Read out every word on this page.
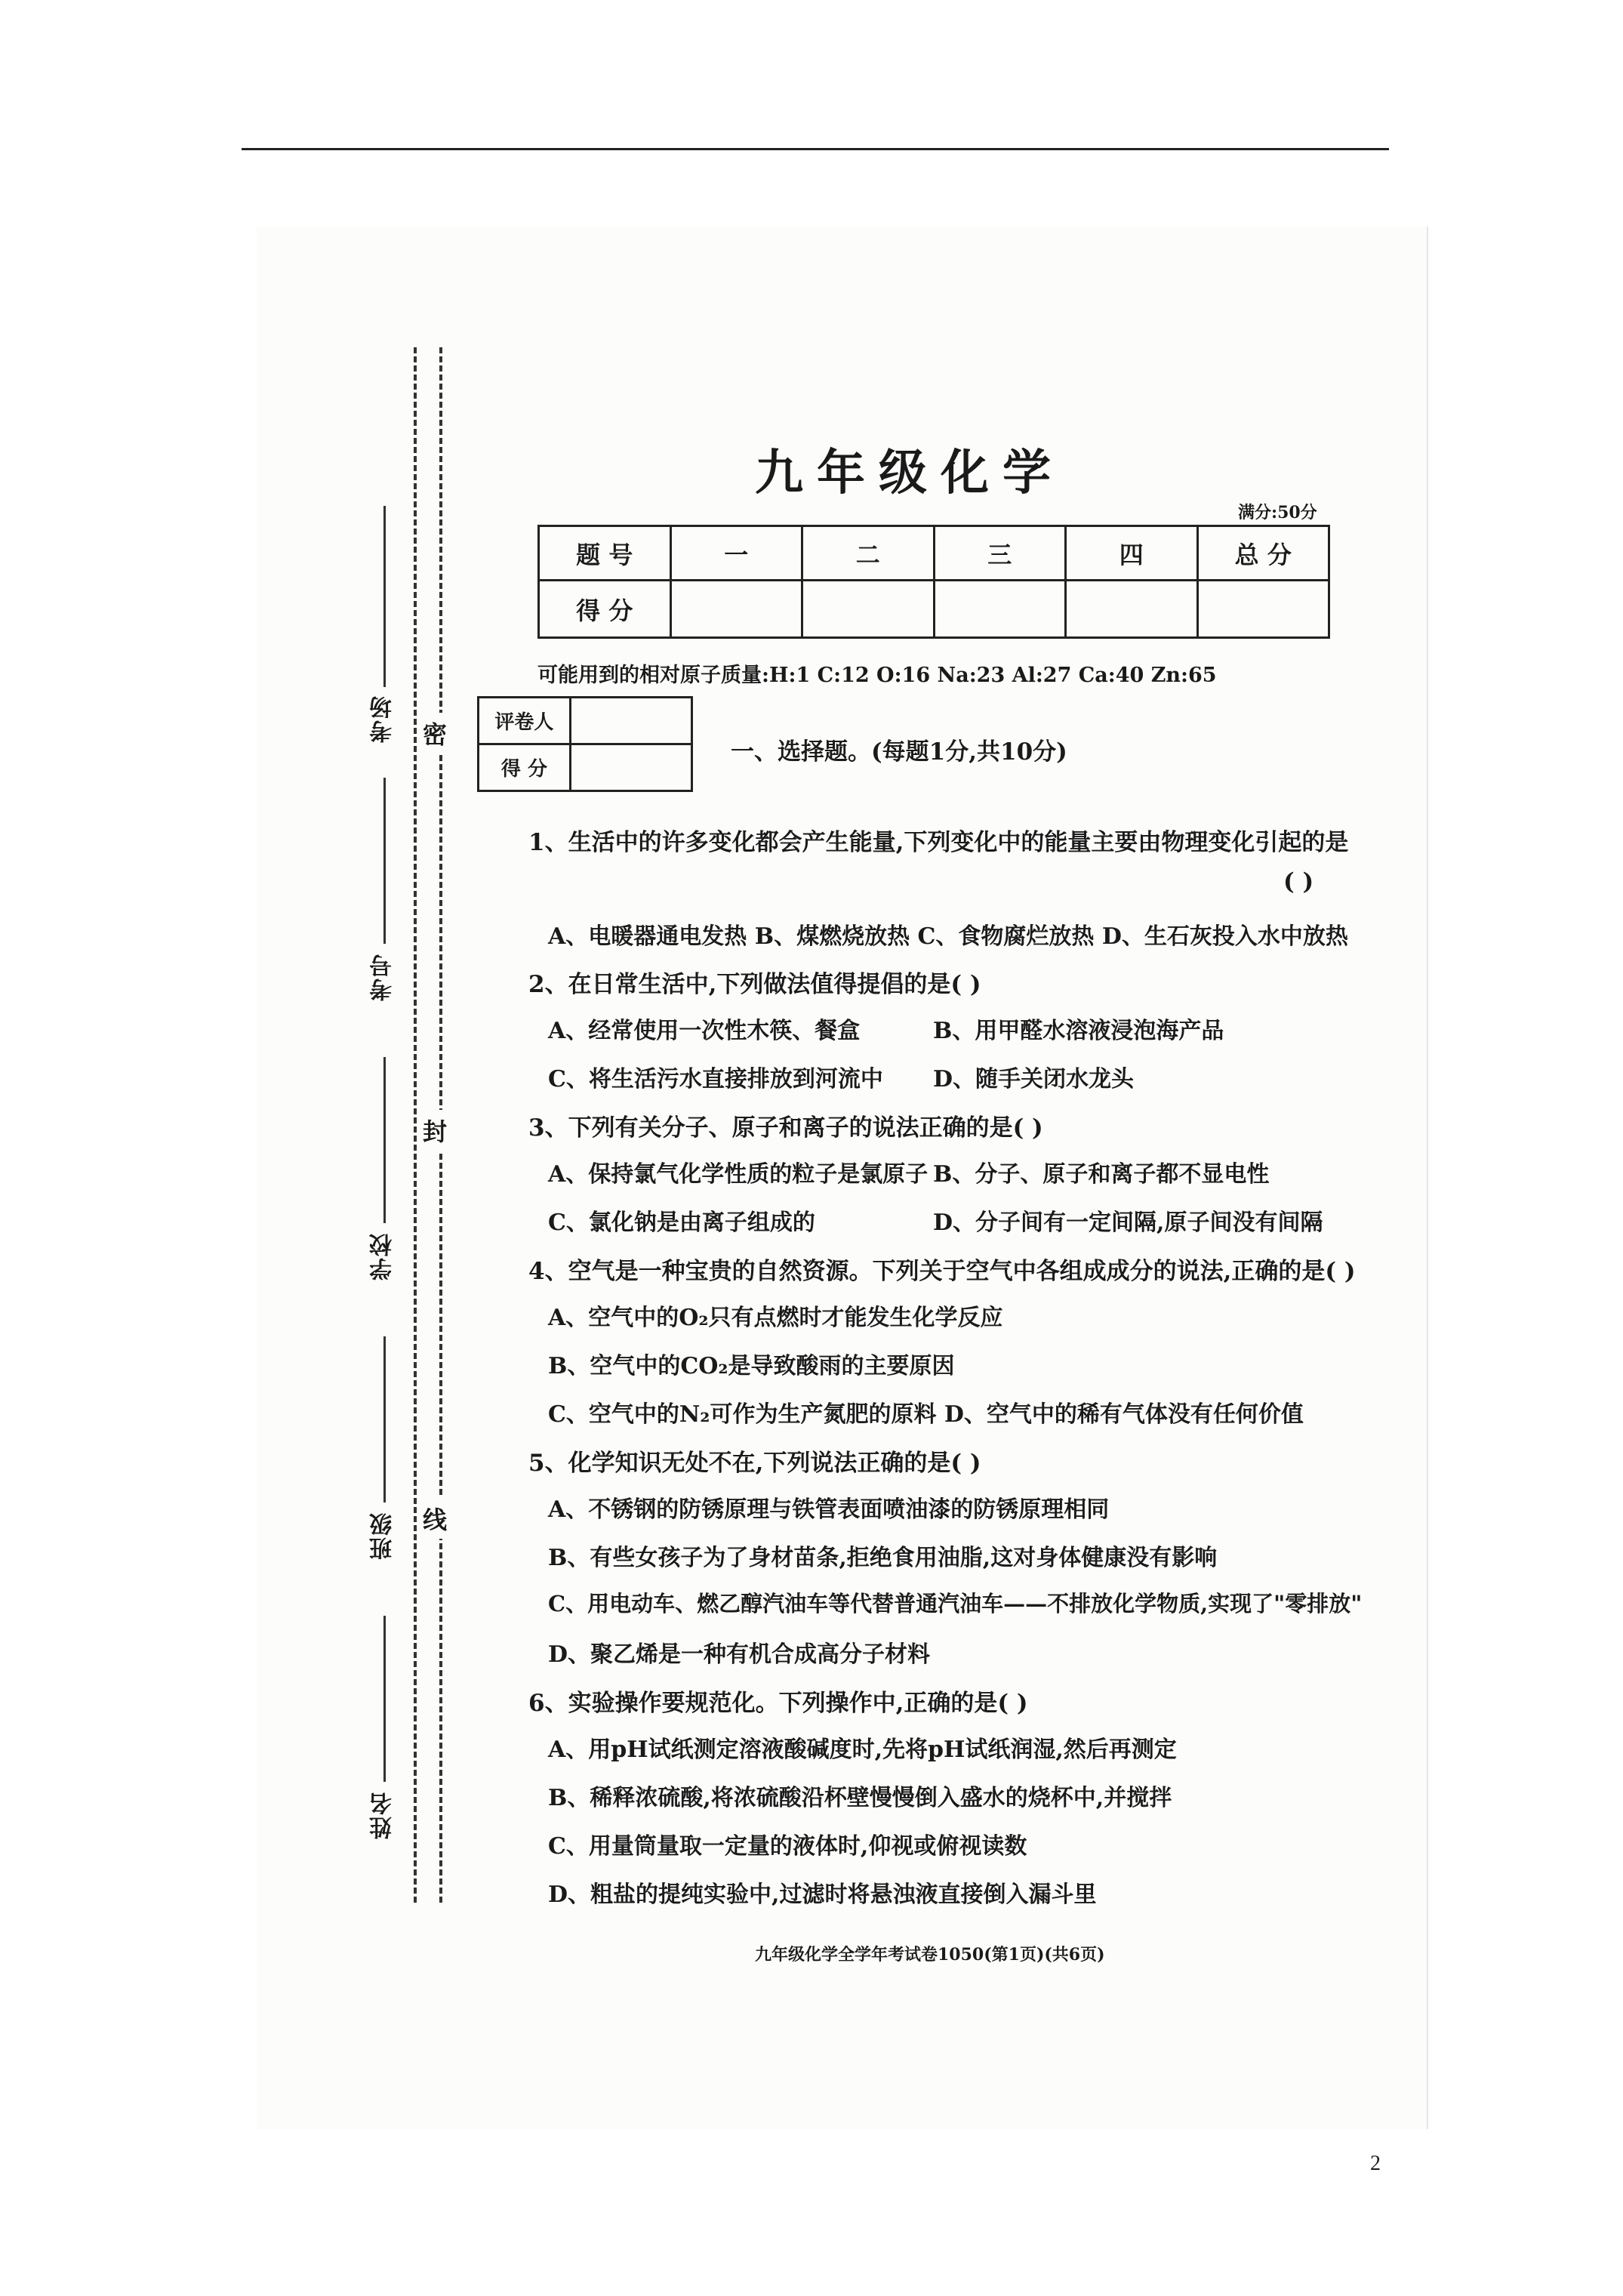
密
封
线
考场
考号
学校
班级
姓名
九年级化学
满分:50分
题 号	一	二	三	四	总 分
得 分					
可能用到的相对原子质量:H:1 C:12 O:16 Na:23 Al:27 Ca:40 Zn:65
评卷人	
得 分	
一、选择题。(每题1分,共10分)
1、生活中的许多变化都会产生能量,下列变化中的能量主要由物理变化引起的是
( )
A、电暖器通电发热 B、煤燃烧放热 C、食物腐烂放热 D、生石灰投入水中放热
2、在日常生活中,下列做法值得提倡的是( )
A、经常使用一次性木筷、餐盒	B、用甲醛水溶液浸泡海产品
C、将生活污水直接排放到河流中 D、随手关闭水龙头
3、下列有关分子、原子和离子的说法正确的是( )
A、保持氯气化学性质的粒子是氯原子 B、分子、原子和离子都不显电性
C、氯化钠是由离子组成的	D、分子间有一定间隔,原子间没有间隔
4、空气是一种宝贵的自然资源。下列关于空气中各组成成分的说法,正确的是( )
A、空气中的O₂只有点燃时才能发生化学反应
B、空气中的CO₂是导致酸雨的主要原因
C、空气中的N₂可作为生产氮肥的原料 D、空气中的稀有气体没有任何价值
5、化学知识无处不在,下列说法正确的是( )
A、不锈钢的防锈原理与铁管表面喷油漆的防锈原理相同
B、有些女孩子为了身材苗条,拒绝食用油脂,这对身体健康没有影响
C、用电动车、燃乙醇汽油车等代替普通汽油车——不排放化学物质,实现了"零排放"
D、聚乙烯是一种有机合成高分子材料
6、实验操作要规范化。下列操作中,正确的是( )
A、用pH试纸测定溶液酸碱度时,先将pH试纸润湿,然后再测定
B、稀释浓硫酸,将浓硫酸沿杯壁慢慢倒入盛水的烧杯中,并搅拌
C、用量筒量取一定量的液体时,仰视或俯视读数
D、粗盐的提纯实验中,过滤时将悬浊液直接倒入漏斗里
九年级化学全学年考试卷1050(第1页)(共6页)
2
